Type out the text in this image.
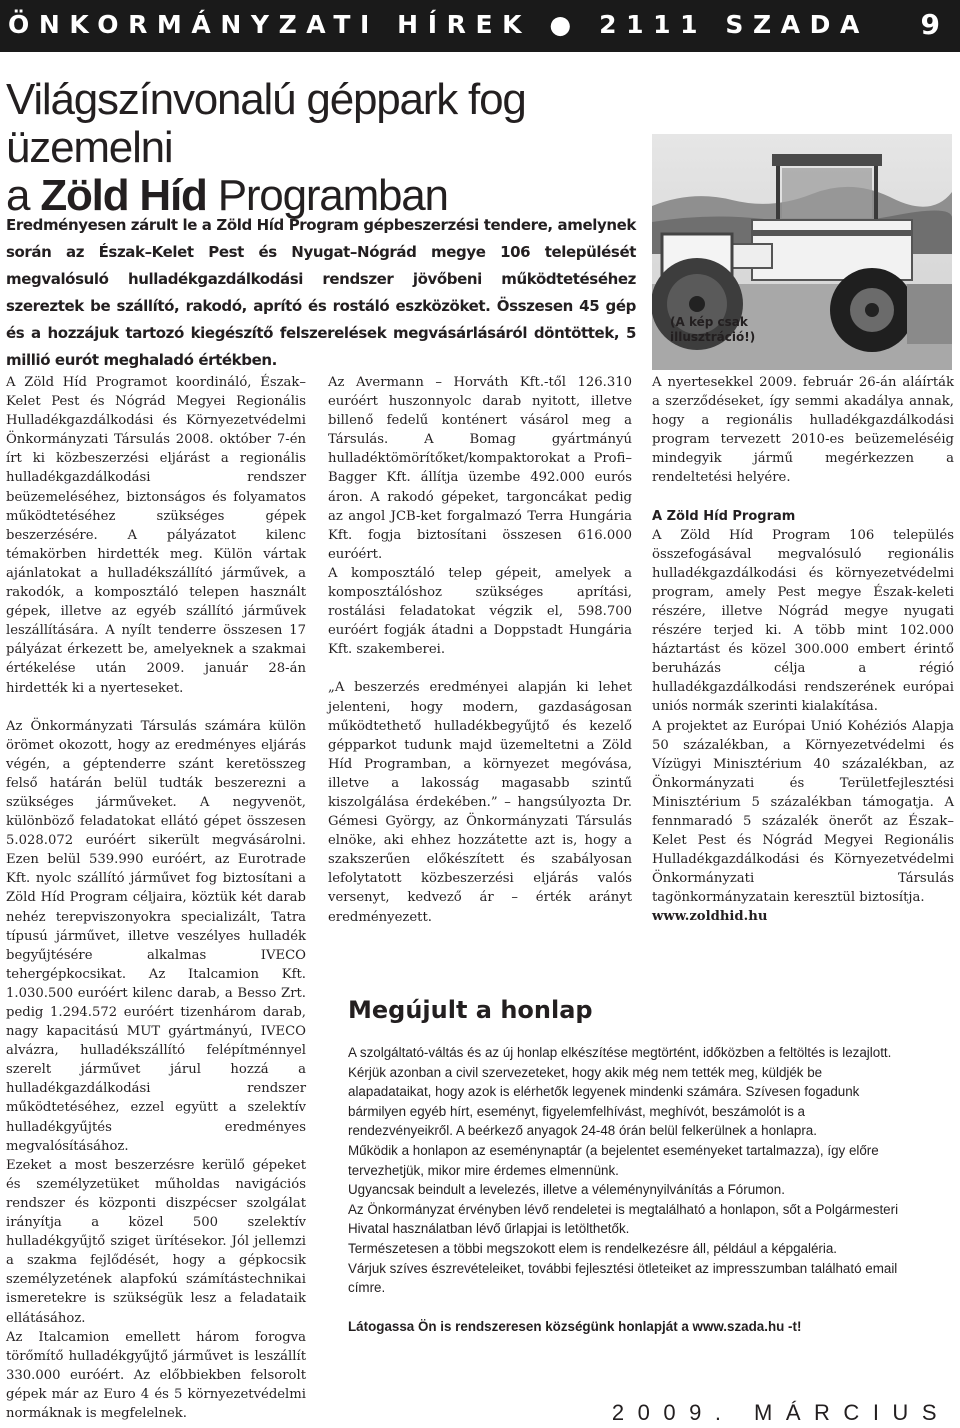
ÖNKORMÁNYZATI HÍREK ● 2111 SZADA 9
Világszínvonalú géppark fog üzemelni
a Zöld Híd Programban

Eredményesen zárult le a Zöld Híd Program gépbeszerzési tendere, amelynek során az Észak–Kelet Pest és Nyugat–Nógrád megye 106 települését megvalósuló hulladékgazdálkodási rendszer jövőbeni működtetéséhez szereztek be szállító, rakodó, aprító és rostáló eszközöket. Összesen 45 gép és a hozzájuk tartozó kiegészítő felszerelések megvásárlásáról döntöttek, 5 millió eurót meghaladó értékben.

(A kép csak illusztráció!)

A Zöld Híd Programot koordináló, Észak–Kelet Pest és Nógrád Megyei Regionális Hulladékgazdálkodási és Környezetvédelmi Önkormányzati Társulás 2008. október 7-én írt ki közbeszerzési eljárást a regionális hulladékgazdálkodási rendszer beüzemeléséhez, biztonságos és folyamatos működtetéséhez szükséges gépek beszerzésére. A pályázatot kilenc témakörben hirdették meg. Külön vártak ajánlatokat a hulladékszállító járművek, a rakodók, a komposztáló telepen használt gépek, illetve az egyéb szállító járművek leszállítására. A nyílt tenderre összesen 17 pályázat érkezett be, amelyeknek a szakmai értékelése után 2009. január 28-án hirdették ki a nyerteseket.

Az Önkormányzati Társulás számára külön örömet okozott, hogy az eredményes eljárás végén, a géptenderre szánt keretösszeg felső határán belül tudták beszerezni a szükséges járműveket. A negyvenöt, különböző feladatokat ellátó gépet összesen 5.028.072 euróért sikerült megvásárolni. Ezen belül 539.990 euróért, az Eurotrade Kft. nyolc szállító járművet fog biztosítani a Zöld Híd Program céljaira, köztük két darab nehéz terepviszonyokra specializált, Tatra típusú járművet, illetve veszélyes hulladék begyűjtésére alkalmas IVECO tehergépkocsikat. Az Italcamion Kft. 1.030.500 euróért kilenc darab, a Besso Zrt. pedig 1.294.572 euróért tizenhárom darab, nagy kapacitású MUT gyártmányú, IVECO alvázra, hulladékszállító felépítménnyel szerelt járművet járul hozzá a hulladékgazdálkodási rendszer működtetéséhez, ezzel együtt a szelektív hulladékgyűjtés eredményes megvalósításához.

Ezeket a most beszerzésre kerülő gépeket és személyzetüket műholdas navigációs rendszer és központi diszpécser szolgálat irányítja a közel 500 szelektív hulladékgyűjtő sziget ürítésekor. Jól jellemzi a szakma fejlődését, hogy a gépkocsik személyzetének alapfokú számítástechnikai ismeretekre is szükségük lesz a feladataik ellátásához.

Az Italcamion emellett három forogva törőmítő hulladékgyűjtő járművet is leszállít 330.000 euróért. Az előbbiekben felsorolt gépek már az Euro 4 és 5 környezetvédelmi normáknak is megfelelnek.

Az Avermann – Horváth Kft.-től 126.310 euróért huszonnyolc darab nyitott, illetve billenő fedelű konténert vásárol meg a Társulás. A Bomag gyártmányú hulladéktömörítőket/kompaktorokat a Profi–Bagger Kft. állítja üzembe 492.000 eurós áron. A rakodó gépeket, targoncákat pedig az angol JCB-ket forgalmazó Terra Hungária Kft. fogja biztosítani összesen 616.000 euróért.

A komposztáló telep gépeit, amelyek a komposztálóshoz szükséges aprítási, rostálási feladatokat végzik el, 598.700 euróért fogják átadni a Doppstadt Hungária Kft. szakemberei.

„A beszerzés eredményei alapján ki lehet jelenteni, hogy modern, gazdaságosan működtethető hulladékbegyűjtő és kezelő gépparkot tudunk majd üzemeltetni a Zöld Híd Programban, a környezet megóvása, illetve a lakosság magasabb szintű kiszolgálása érdekében.” – hangsúlyozta Dr. Gémesi György, az Önkormányzati Társulás elnöke, aki ehhez hozzátette azt is, hogy a szakszerűen előkészített és szabályosan lefolytatott közbeszerzési eljárás valós versenyt, kedvező ár – érték arányt eredményezett.

A nyertesekkel 2009. február 26-án aláírták a szerződéseket, így semmi akadálya annak, hogy a regionális hulladékgazdálkodási program tervezett 2010-es beüzemeléséig mindegyik jármű megérkezzen a rendeltetési helyére.

A Zöld Híd Program

A Zöld Híd Program 106 település összefogásával megvalósuló regionális hulladékgazdálkodási és környezetvédelmi program, amely Pest megye Észak-keleti részére, illetve Nógrád megye nyugati részére terjed ki. A több mint 102.000 háztartást és közel 300.000 embert érintő beruházás célja a régió hulladékgazdálkodási rendszerének európai uniós normák szerinti kialakítása.

A projektet az Európai Unió Kohéziós Alapja 50 százalékban, a Környezetvédelmi és Vízügyi Minisztérium 40 százalékban, az Önkormányzati és Területfejlesztési Minisztérium 5 százalékban támogatja. A fennmaradó 5 százalék önerőt az Észak–Kelet Pest és Nógrád Megyei Regionális Hulladékgazdálkodási és Környezetvédelmi Önkormányzati Társulás tagönkormányzatain keresztül biztosítja.

www.zoldhid.hu

Megújult a honlap

A szolgáltató-váltás és az új honlap elkészítése megtörtént, időközben a feltöltés is lezajlott.

Kérjük azonban a civil szervezeteket, hogy akik még nem tették meg, küldjék be alapadataikat, hogy azok is elérhetők legyenek mindenki számára. Szívesen fogadunk bármilyen egyéb hírt, eseményt, figyelemfelhívást, meghívót, beszámolót is a rendezvényeikről. A beérkező anyagok 24-48 órán belül felkerülnek a honlapra.

Működik a honlapon az eseménynaptár (a bejelentet eseményeket tartalmazza), így előre tervezhetjük, mikor mire érdemes elmennünk.

Ugyancsak beindult a levelezés, illetve a véleménynyilvánítás a Fórumon.

Az Önkormányzat érvényben lévő rendeletei is megtalálható a honlapon, sőt a Polgármesteri Hivatal használatban lévő űrlapjai is letölthetők.

Természetesen a többi megszokott elem is rendelkezésre áll, például a képgaléria.

Várjuk szíves észrevételeiket, további fejlesztési ötleteiket az impresszumban található email címre.

Látogassa Ön is rendszeresen községünk honlapját a www.szada.hu -t!

2009. MÁRCIUS
